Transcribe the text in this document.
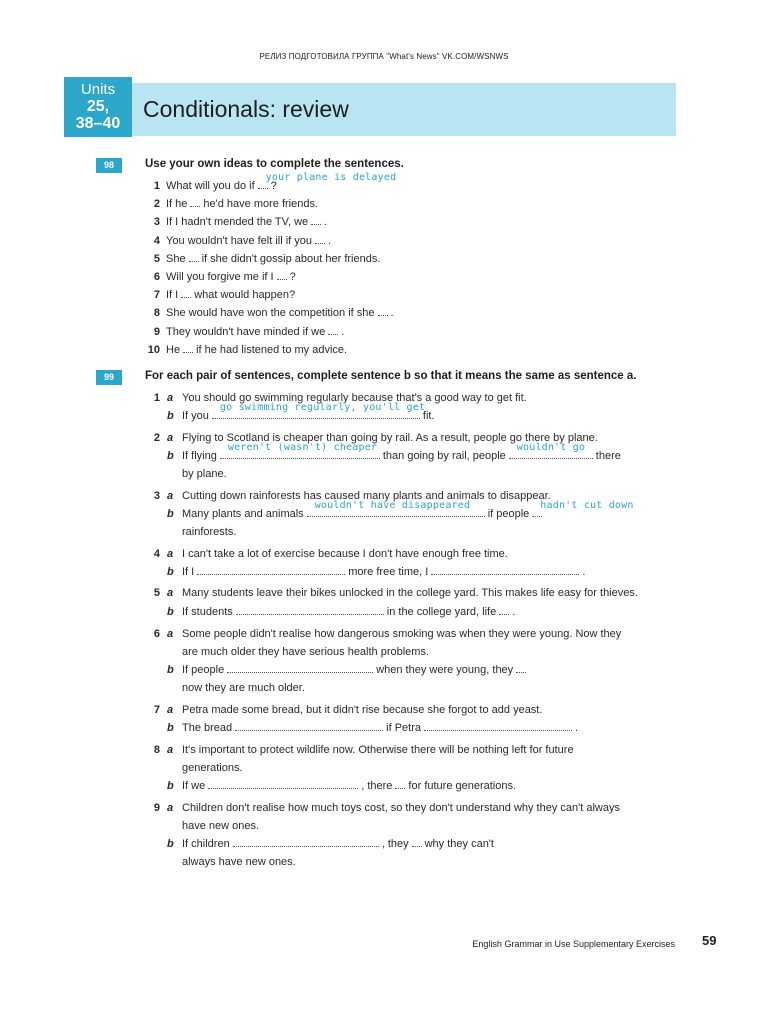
РЕЛИЗ ПОДГОТОВИЛА ГРУППА "What's News" VK.COM/WSNWS
Units
25,
38–40
Conditionals: review
98	Use your own ideas to complete the sentences.
1 What will you do if
your plane is delayed
?
2 If he he'd have more friends.
3 If I hadn't mended the TV, we .
4 You wouldn't have felt ill if you .
5 She if she didn't gossip about her friends.
6 Will you forgive me if I ?
7 If I what would happen?
8 She would have won the competition if she .
9 They wouldn't have minded if we .
10 He if he had listened to my advice.
99	For each pair of sentences, complete sentence b so that it means the same as sentence a.
1 a You should go swimming regularly because that's a good way to get fit.
b If you
go swimming regularly, you'll get
fit.
2 a Flying to Scotland is cheaper than going by rail. As a result, people go there by plane.
b If flying
weren't (wasn't) cheaper
than going by rail, people
wouldn't go
there
by plane.
3 a Cutting down rainforests has caused many plants and animals to disappear.
b Many plants and animals
wouldn't have disappeared
if people
hadn't cut down
rainforests.
4 a I can't take a lot of exercise because I don't have enough free time.
b If I	more free time, I	.
5 a Many students leave their bikes unlocked in the college yard. This makes life easy for thieves.
b If students	in the college yard, life .
6 a Some people didn't realise how dangerous smoking was when they were young. Now they
are much older they have serious health problems.
b If people	when they were young, they
now they are much older.
7 a Petra made some bread, but it didn't rise because she forgot to add yeast.
b The bread	if Petra	.
8 a It's important to protect wildlife now. Otherwise there will be nothing left for future
generations.
b If we	, there for future generations.
9 a Children don't realise how much toys cost, so they don't understand why they can't always
have new ones.
b If children	, they why they can't
always have new ones.
English Grammar in Use Supplementary Exercises 59
